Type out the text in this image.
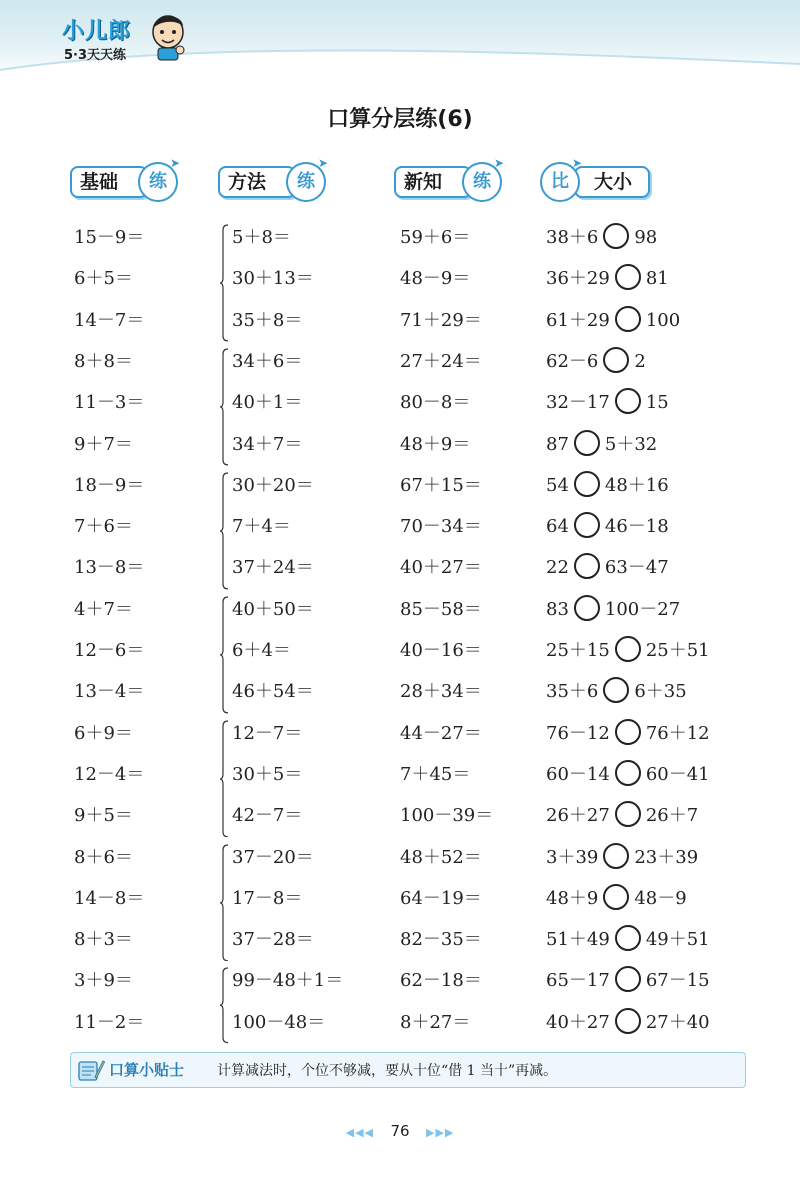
小儿郎
5·3天天练
口算分层练(6)
基础	练
➤
方法	练
➤
新知	练
➤
大小
比
➤
15－9＝
6＋5＝
14－7＝
8＋8＝
11－3＝
9＋7＝
18－9＝
7＋6＝
13－8＝
4＋7＝
12－6＝
13－4＝
6＋9＝
12－4＝
9＋5＝
8＋6＝
14－8＝
8＋3＝
3＋9＝
11－2＝
5＋8＝
30＋13＝
35＋8＝
34＋6＝
40＋1＝
34＋7＝
30＋20＝
7＋4＝
37＋24＝
40＋50＝
6＋4＝
46＋54＝
12－7＝
30＋5＝
42－7＝
37－20＝
17－8＝
37－28＝
99－48＋1＝
100－48＝
59＋6＝
48－9＝
71＋29＝
27＋24＝
80－8＝
48＋9＝
67＋15＝
70－34＝
40＋27＝
85－58＝
40－16＝
28＋34＝
44－27＝
7＋45＝
100－39＝
48＋52＝
64－19＝
82－35＝
62－18＝
8＋27＝
38＋6 98
36＋29 81
61＋29 100
62－6 2
32－17 15
87 5＋32
54 48＋16
64 46－18
22 63－47
83 100－27
25＋15 25＋51
35＋6 6＋35
76－12 76＋12
60－14 60－41
26＋27 26＋7
3＋39 23＋39
48＋9 48－9
51＋49 49＋51
65－17 67－15
40＋27 27＋40
口算小贴士 计算减法时，个位不够减，要从十位“借 1 当十”再减。
◀◀◀ 76 ▶▶▶
